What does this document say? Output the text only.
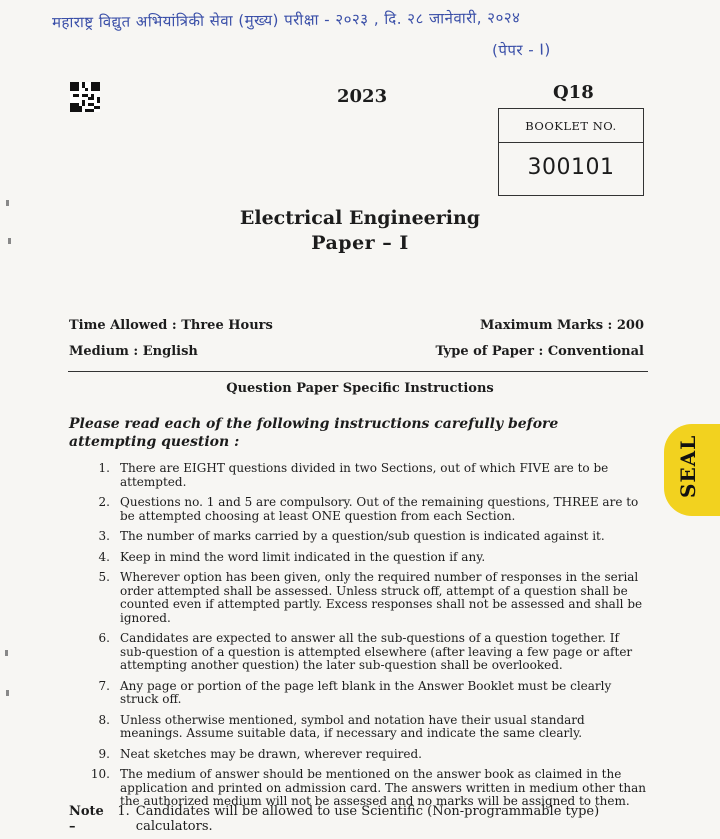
महाराष्ट्र विद्युत अभियांत्रिकी सेवा (मुख्य) परीक्षा - २०२३ , दि. २८ जानेवारी, २०२४
(पेपर - I)
2023	Q18
BOOKLET NO.
300101
Electrical Engineering
Paper – I
Time Allowed : Three Hours	Maximum Marks : 200
Medium : English	Type of Paper : Conventional
Question Paper Specific Instructions
Please read each of the following instructions carefully before attempting question :
1. There are EIGHT questions divided in two Sections, out of which FIVE are to be attempted.
2. Questions no. 1 and 5 are compulsory. Out of the remaining questions, THREE are to be attempted choosing at least ONE question from each Section.
3. The number of marks carried by a question/sub question is indicated against it.
4. Keep in mind the word limit indicated in the question if any.
5. Wherever option has been given, only the required number of responses in the serial order attempted shall be assessed. Unless struck off, attempt of a question shall be counted even if attempted partly. Excess responses shall not be assessed and shall be ignored.
6. Candidates are expected to answer all the sub-questions of a question together. If sub-question of a question is attempted elsewhere (after leaving a few page or after attempting another question) the later sub-question shall be overlooked.
7. Any page or portion of the page left blank in the Answer Booklet must be clearly struck off.
8. Unless otherwise mentioned, symbol and notation have their usual standard meanings. Assume suitable data, if necessary and indicate the same clearly.
9. Neat sketches may be drawn, wherever required.
10. The medium of answer should be mentioned on the answer book as claimed in the application and printed on admission card. The answers written in medium other than the authorized medium will not be assessed and no marks will be assigned to them.
Note –
1. Candidates will be allowed to use Scientific (Non-programmable type) calculators.
SEAL
